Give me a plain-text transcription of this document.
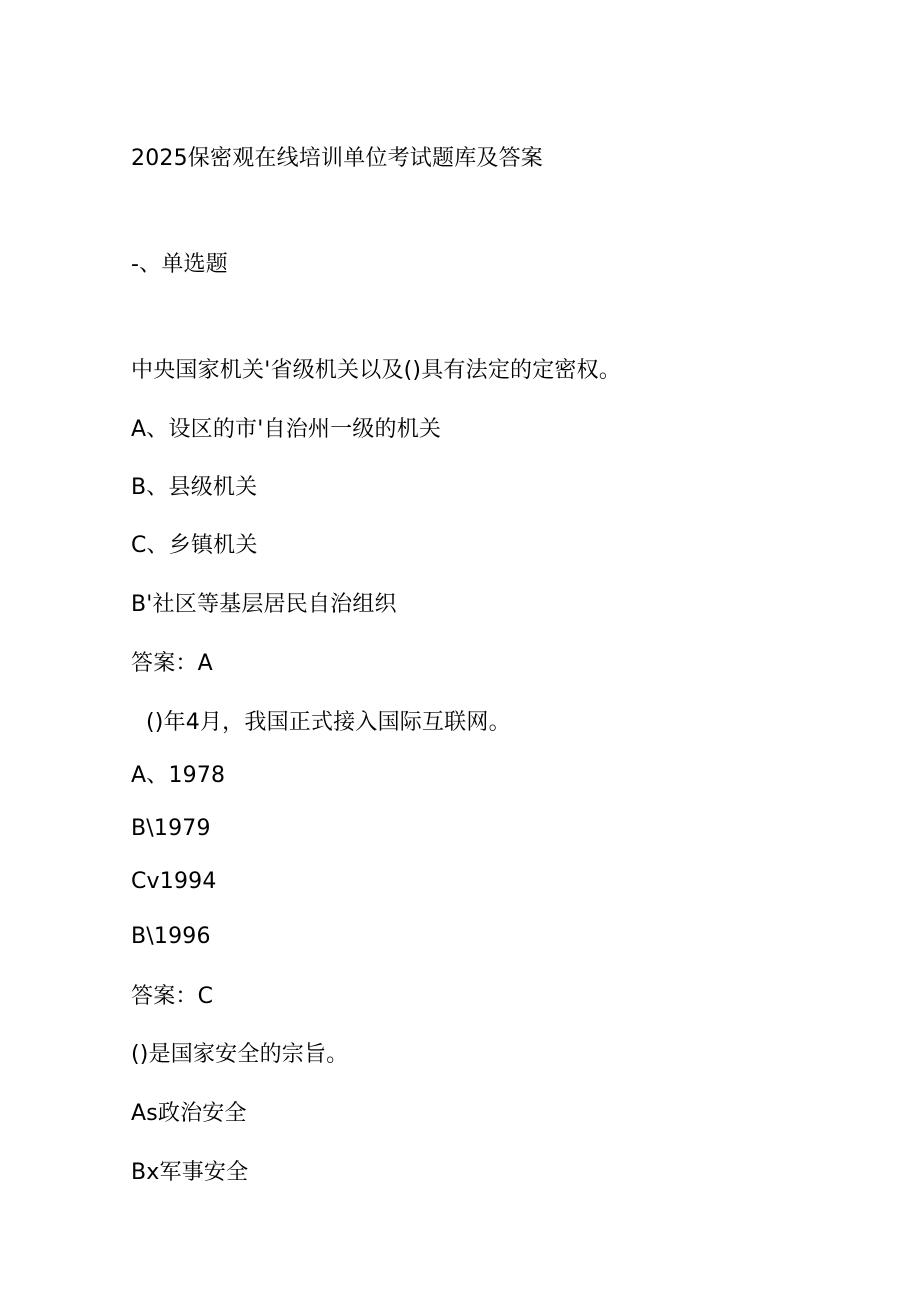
2025保密观在线培训单位考试题库及答案
-、单选题
中央国家机关'省级机关以及()具有法定的定密权。
A、设区的市'自治州一级的机关
B、县级机关
C、乡镇机关
B'社区等基层居民自治组织
答案：A
()年4月，我国正式接入国际互联网。
A、1978
B\1979
Cv1994
B\1996
答案：C
()是国家安全的宗旨。
As政治安全
Bx军事安全
